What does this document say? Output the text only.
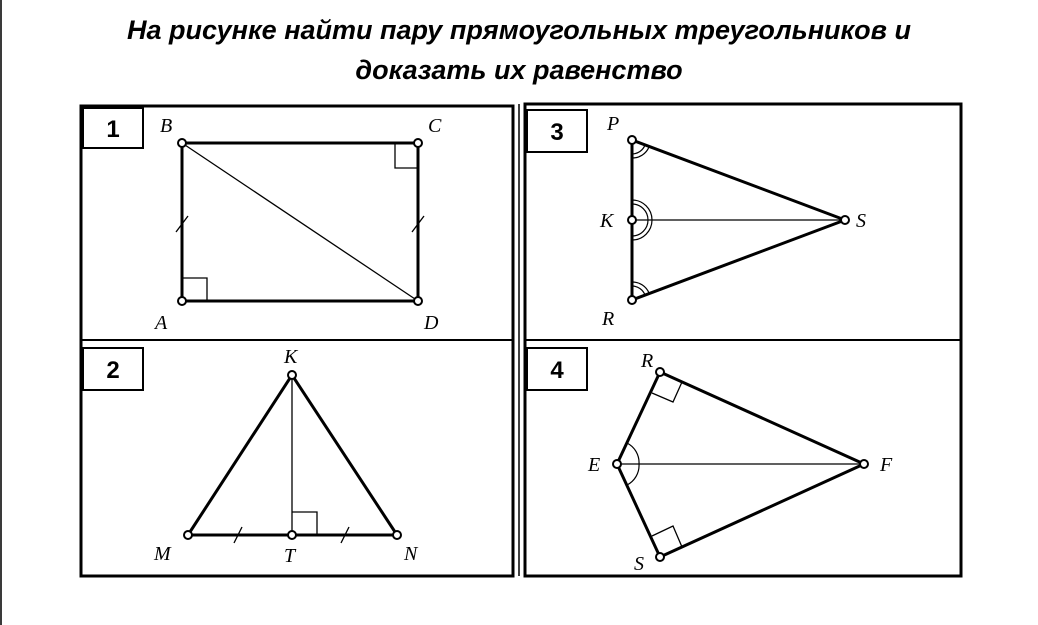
На рисунке найти пару прямоугольных треугольников и
доказать их равенство
1 B	C
A	D
2	K
M	T	N
3 P
K	S
R
4	R
E	F
S
